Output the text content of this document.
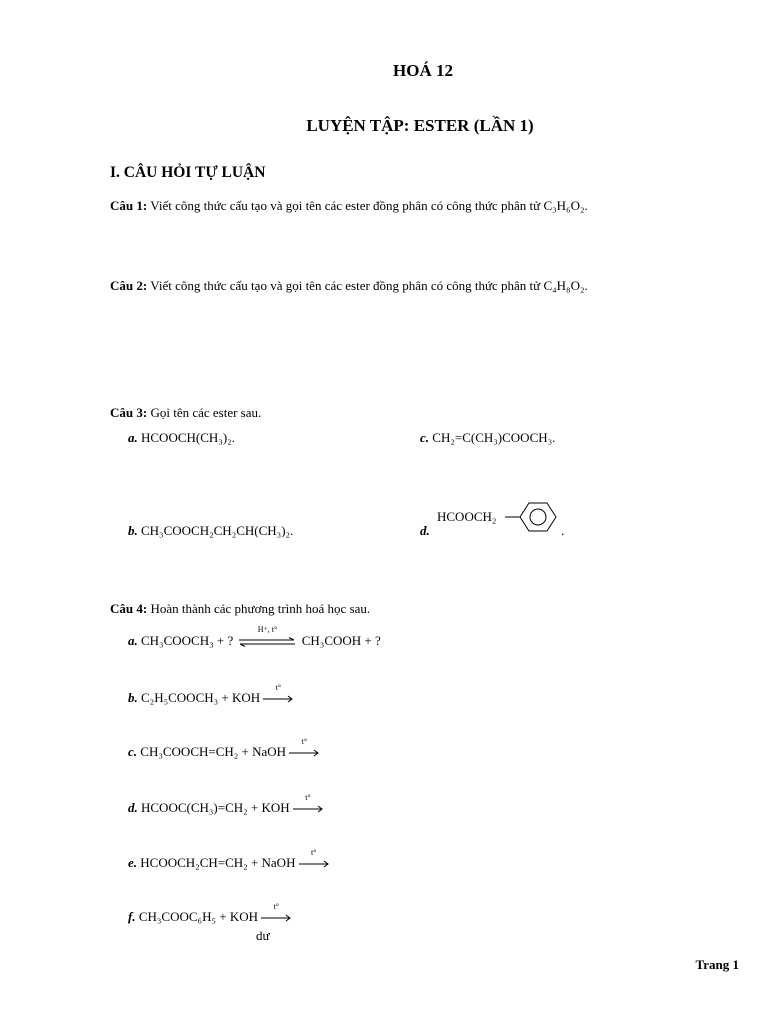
HOÁ 12
LUYỆN TẬP: ESTER (LẦN 1)
I. CÂU HỎI TỰ LUẬN
Câu 1: Viết công thức cấu tạo và gọi tên các ester đồng phân có công thức phân tử C₃H₆O₂.
Câu 2: Viết công thức cấu tạo và gọi tên các ester đồng phân có công thức phân tử C₄H₈O₂.
Câu 3: Gọi tên các ester sau.
a. HCOOCH(CH₃)₂.	c. CH₂=C(CH₃)COOCH₃.
b. CH₃COOCH₂CH₂CH(CH₃)₂.	d.
HCOOCH₂
.
Câu 4: Hoàn thành các phương trình hoá học sau.
a. CH₃COOCH₃ + ?
H⁺, t°
CH₃COOH + ?
b. C₂H₅COOCH₃ + KOH
t°
c. CH₃COOCH=CH₂ + NaOH
t°
d. HCOOC(CH₃)=CH₂ + KOH
t°
e. HCOOCH₂CH=CH₂ + NaOH
t°
f. CH₃COOC₆H₅ + KOH
t°
dư
Trang 1
